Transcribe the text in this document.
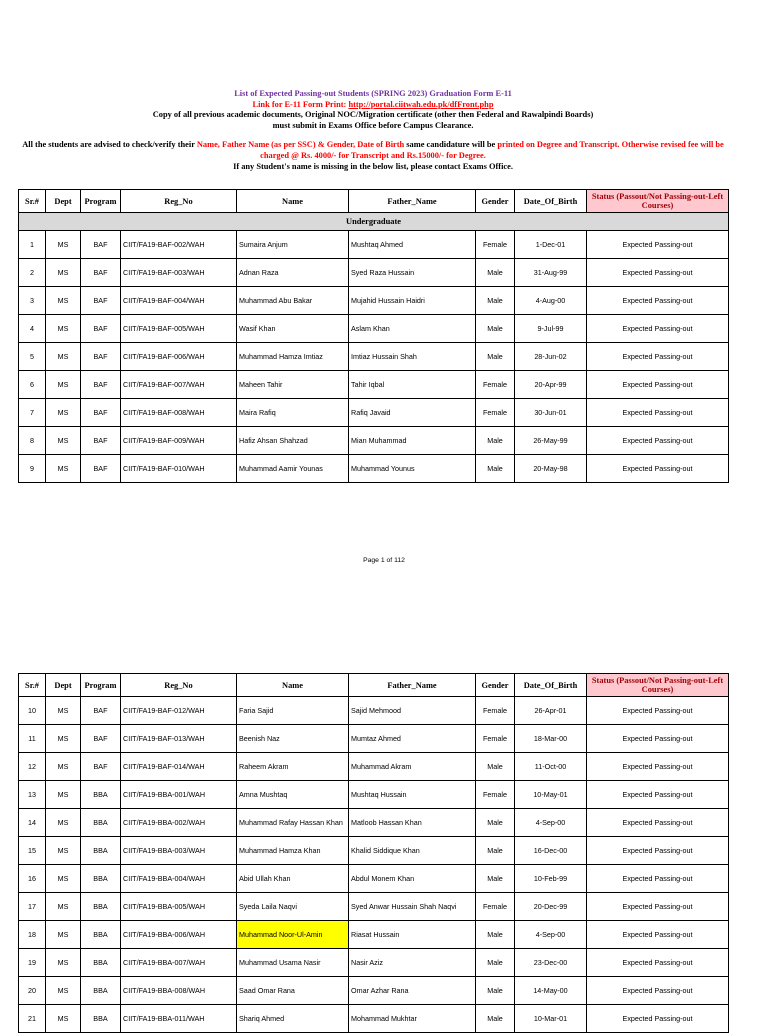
List of Expected Passing-out Students (SPRING 2023) Graduation Form E-11
Link for E-11 Form Print: http://portal.ciitwah.edu.pk/dfFront.php
Copy of all previous academic documents, Original NOC/Migration certificate (other then Federal and Rawalpindi Boards)
must submit in Exams Office before Campus Clearance.
All the students are advised to check/verify their Name, Father Name (as per SSC) & Gender, Date of Birth same candidature will be printed on Degree and Transcript. Otherwise revised fee will be charged @ Rs. 4000/- for Transcript and Rs.15000/- for Degree.
If any Student's name is missing in the below list, please contact Exams Office.
Sr.#	Dept	Program	Reg_No	Name	Father_Name	Gender	Date_Of_Birth	Status (Passout/Not Passing-out-Left Courses)
Undergraduate								
1	MS	BAF	CIIT/FA19-BAF-002/WAH	Sumaira Anjum	Mushtaq Ahmed	Female	1-Dec-01	Expected Passing-out
2	MS	BAF	CIIT/FA19-BAF-003/WAH	Adnan Raza	Syed Raza Hussain	Male	31-Aug-99	Expected Passing-out
3	MS	BAF	CIIT/FA19-BAF-004/WAH	Muhammad Abu Bakar	Mujahid Hussain Haidri	Male	4-Aug-00	Expected Passing-out
4	MS	BAF	CIIT/FA19-BAF-005/WAH	Wasif Khan	Aslam Khan	Male	9-Jul-99	Expected Passing-out
5	MS	BAF	CIIT/FA19-BAF-006/WAH	Muhammad Hamza Imtiaz	Imtiaz Hussain Shah	Male	28-Jun-02	Expected Passing-out
6	MS	BAF	CIIT/FA19-BAF-007/WAH	Maheen Tahir	Tahir Iqbal	Female	20-Apr-99	Expected Passing-out
7	MS	BAF	CIIT/FA19-BAF-008/WAH	Maira Rafiq	Rafiq Javaid	Female	30-Jun-01	Expected Passing-out
8	MS	BAF	CIIT/FA19-BAF-009/WAH	Hafiz Ahsan Shahzad	Mian Muhammad	Male	26-May-99	Expected Passing-out
9	MS	BAF	CIIT/FA19-BAF-010/WAH	Muhammad Aamir Younas	Muhammad Younus	Male	20-May-98	Expected Passing-out
Page 1 of 112
Sr.#	Dept	Program	Reg_No	Name	Father_Name	Gender	Date_Of_Birth	Status (Passout/Not Passing-out-Left Courses)
10	MS	BAF	CIIT/FA19-BAF-012/WAH	Faria Sajid	Sajid Mehmood	Female	26-Apr-01	Expected Passing-out
11	MS	BAF	CIIT/FA19-BAF-013/WAH	Beenish Naz	Mumtaz Ahmed	Female	18-Mar-00	Expected Passing-out
12	MS	BAF	CIIT/FA19-BAF-014/WAH	Raheem Akram	Muhammad Akram	Male	11-Oct-00	Expected Passing-out
13	MS	BBA	CIIT/FA19-BBA-001/WAH	Amna Mushtaq	Mushtaq Hussain	Female	10-May-01	Expected Passing-out
14	MS	BBA	CIIT/FA19-BBA-002/WAH	Muhammad Rafay Hassan Khan	Matloob Hassan Khan	Male	4-Sep-00	Expected Passing-out
15	MS	BBA	CIIT/FA19-BBA-003/WAH	Muhammad Hamza Khan	Khalid Siddique Khan	Male	16-Dec-00	Expected Passing-out
16	MS	BBA	CIIT/FA19-BBA-004/WAH	Abid Ullah Khan	Abdul Monem Khan	Male	10-Feb-99	Expected Passing-out
17	MS	BBA	CIIT/FA19-BBA-005/WAH	Syeda Laila Naqvi	Syed Anwar Hussain Shah Naqvi	Female	20-Dec-99	Expected Passing-out
18	MS	BBA	CIIT/FA19-BBA-006/WAH	Muhammad Noor-Ul-Amin	Riasat Hussain	Male	4-Sep-00	Expected Passing-out
19	MS	BBA	CIIT/FA19-BBA-007/WAH	Muhammad Usama Nasir	Nasir Aziz	Male	23-Dec-00	Expected Passing-out
20	MS	BBA	CIIT/FA19-BBA-008/WAH	Saad Omar Rana	Omar Azhar Rana	Male	14-May-00	Expected Passing-out
21	MS	BBA	CIIT/FA19-BBA-011/WAH	Shariq Ahmed	Mohammad Mukhtar	Male	10-Mar-01	Expected Passing-out
